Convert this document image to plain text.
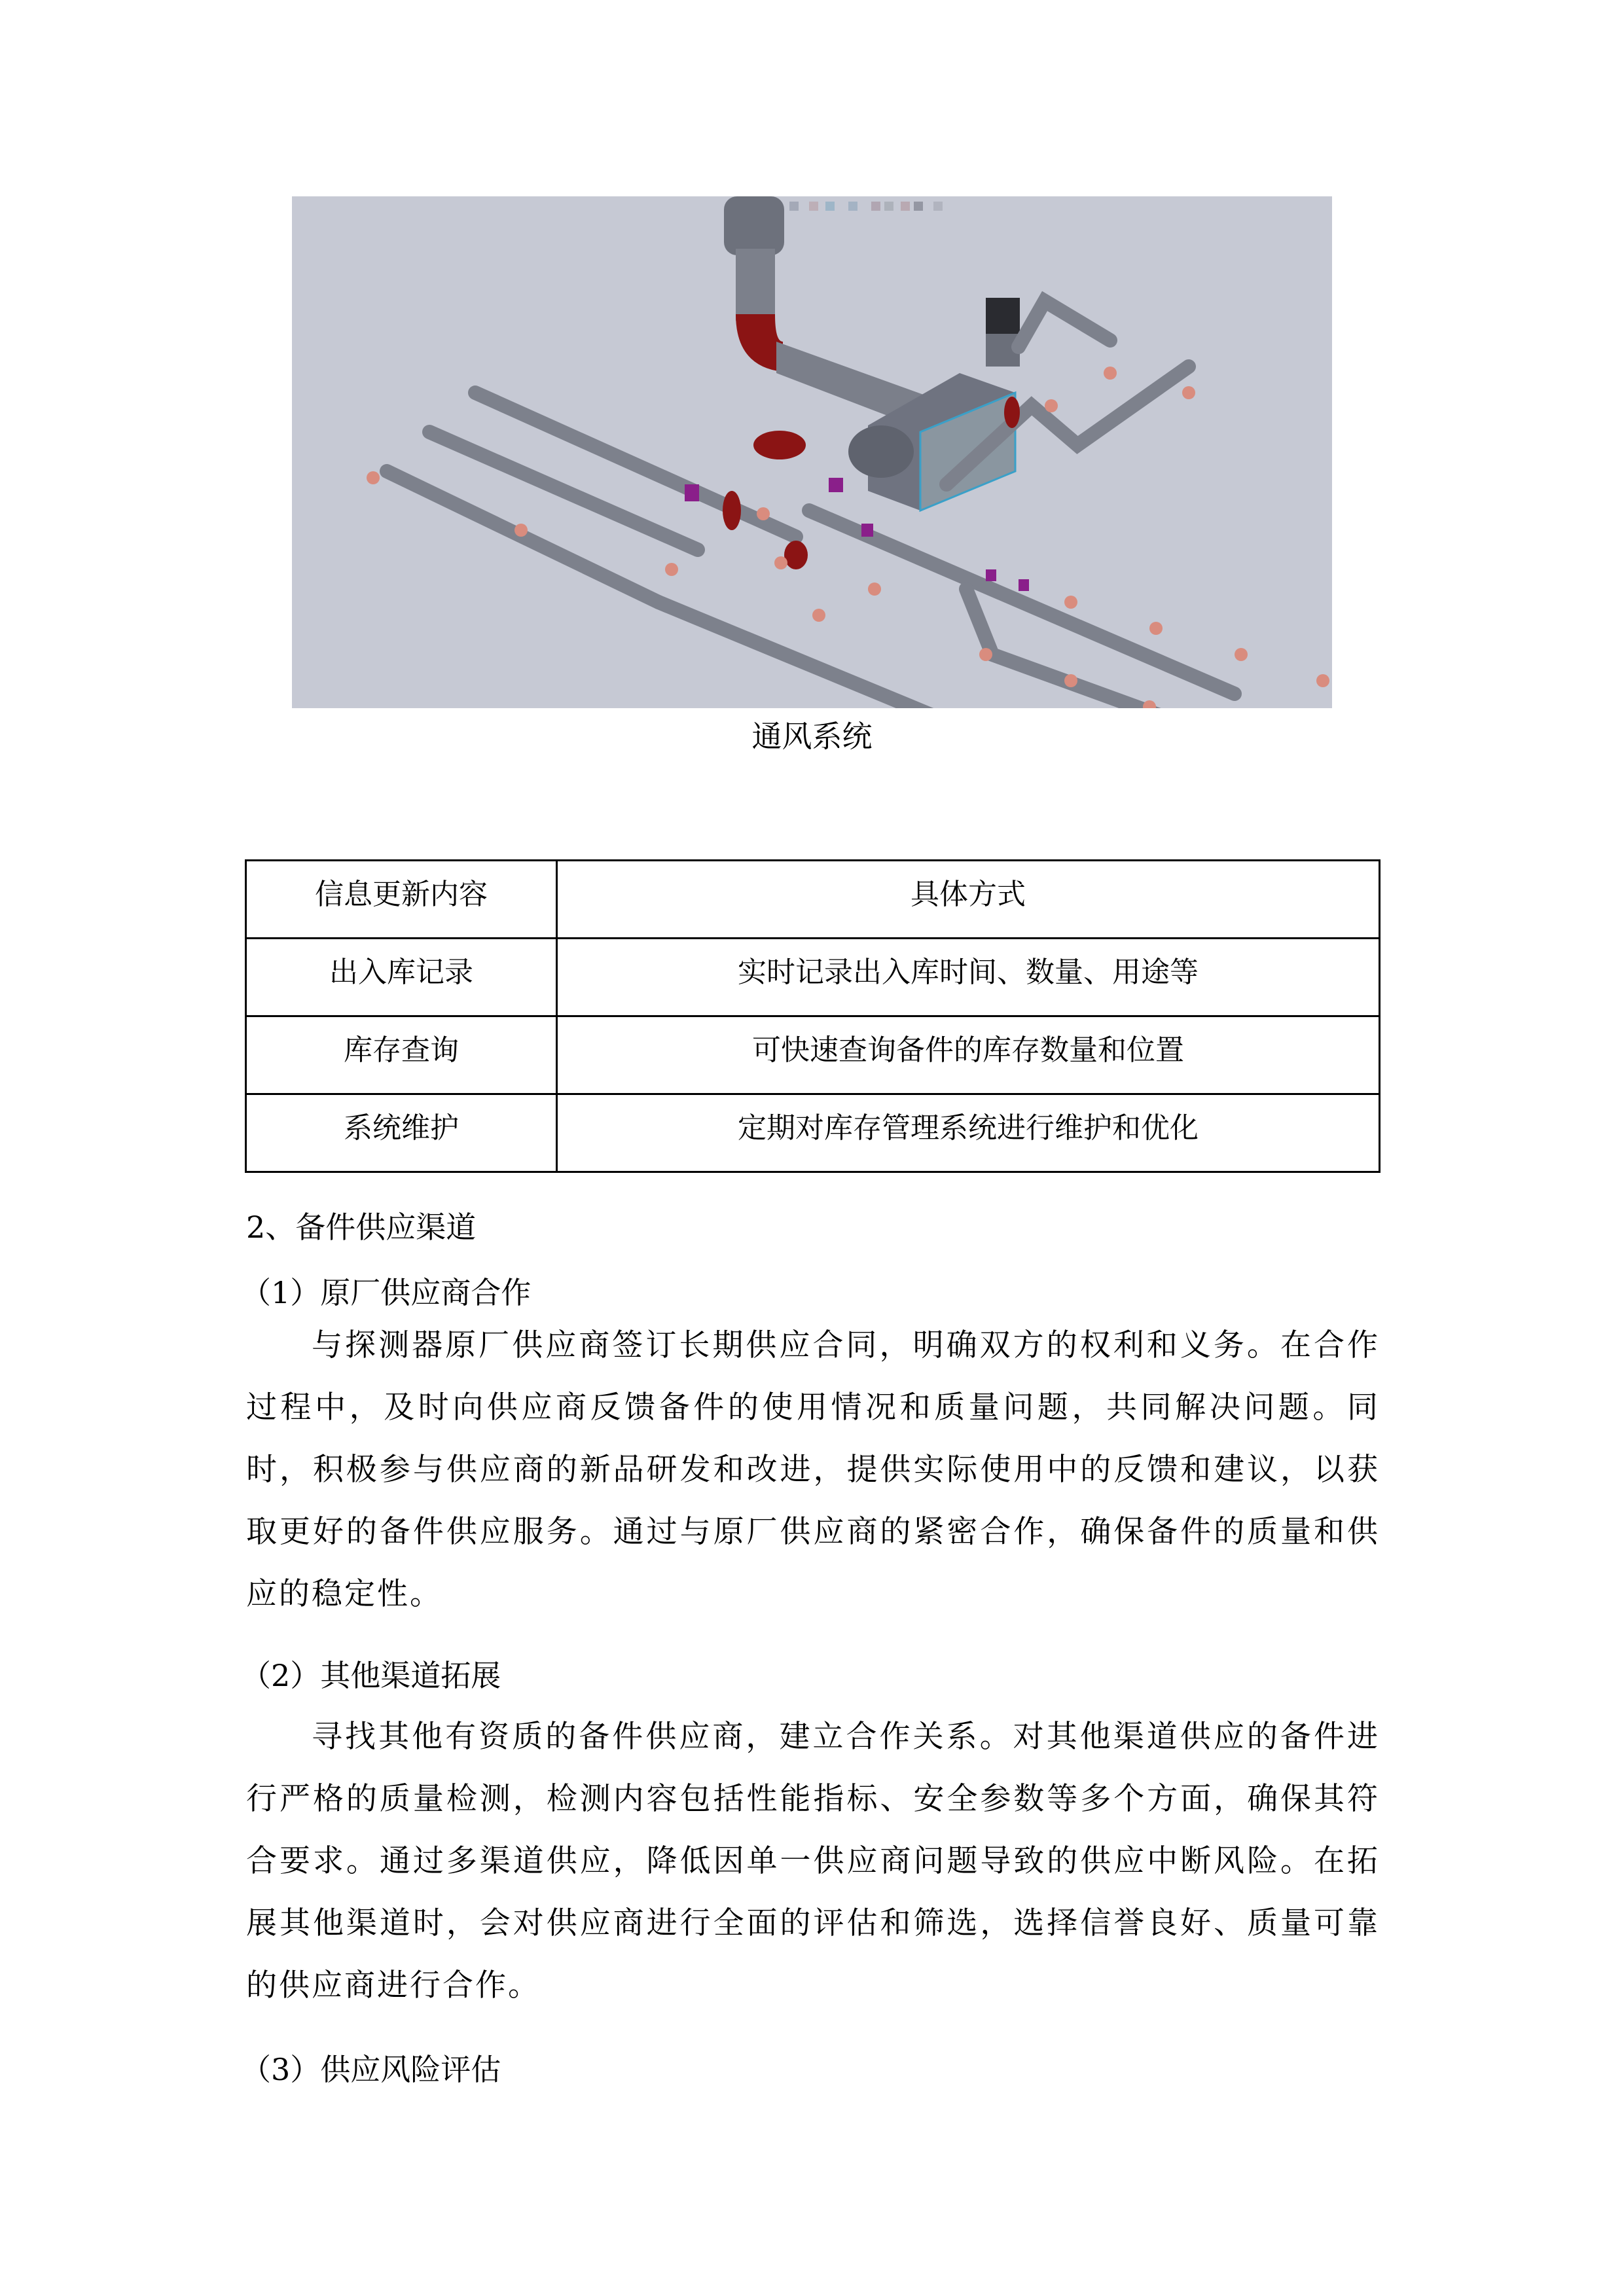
通风系统
信息更新内容	具体方式
出入库记录	实时记录出入库时间、数量、用途等
库存查询	可快速查询备件的库存数量和位置
系统维护	定期对库存管理系统进行维护和优化
2、备件供应渠道
（1）原厂供应商合作
与探测器原厂供应商签订长期供应合同，明确双方的权利和义务。在合作过程中，及时向供应商反馈备件的使用情况和质量问题，共同解决问题。同时，积极参与供应商的新品研发和改进，提供实际使用中的反馈和建议，以获取更好的备件供应服务。通过与原厂供应商的紧密合作，确保备件的质量和供应的稳定性。
（2）其他渠道拓展
寻找其他有资质的备件供应商，建立合作关系。对其他渠道供应的备件进行严格的质量检测，检测内容包括性能指标、安全参数等多个方面，确保其符合要求。通过多渠道供应，降低因单一供应商问题导致的供应中断风险。在拓展其他渠道时，会对供应商进行全面的评估和筛选，选择信誉良好、质量可靠的供应商进行合作。
（3）供应风险评估
